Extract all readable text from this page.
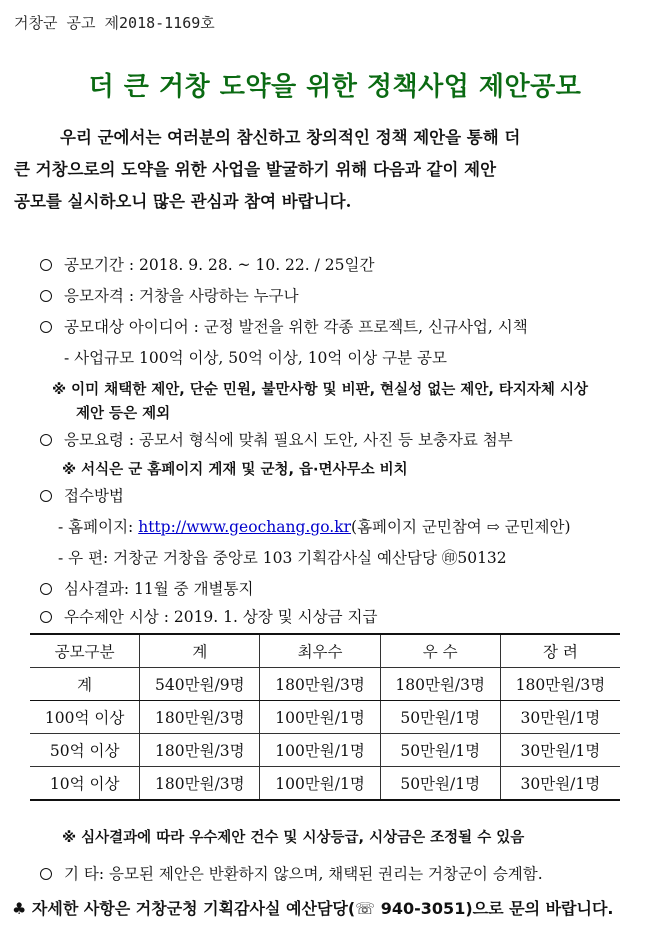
거창군 공고 제2018-1169호
더 큰 거창 도약을 위한 정책사업 제안공모
우리 군에서는 여러분의 참신하고 창의적인 정책 제안을 통해 더
큰 거창으로의 도약을 위한 사업을 발굴하기 위해 다음과 같이 제안
공모를 실시하오니 많은 관심과 참여 바랍니다.
공모기간 : 2018. 9. 28. ~ 10. 22. / 25일간
응모자격 : 거창을 사랑하는 누구나
공모대상 아이디어 : 군정 발전을 위한 각종 프로젝트, 신규사업, 시책
- 사업규모 100억 이상, 50억 이상, 10억 이상 구분 공모
※ 이미 채택한 제안, 단순 민원, 불만사항 및 비판, 현실성 없는 제안, 타지자체 시상
제안 등은 제외
응모요령 : 공모서 형식에 맞춰 필요시 도안, 사진 등 보충자료 첨부
※ 서식은 군 홈페이지 게재 및 군청, 읍·면사무소 비치
접수방법
- 홈페이지: http://www.geochang.go.kr(홈페이지 군민참여 ⇨ 군민제안)
- 우 편: 거창군 거창읍 중앙로 103 기획감사실 예산담당 ㊞50132
심사결과: 11월 중 개별통지
우수제안 시상 : 2019. 1. 상장 및 시상금 지급
공모구분	계	최우수	우 수	장 려
계	540만원/9명	180만원/3명	180만원/3명	180만원/3명
100억 이상	180만원/3명	100만원/1명	50만원/1명	30만원/1명
50억 이상	180만원/3명	100만원/1명	50만원/1명	30만원/1명
10억 이상	180만원/3명	100만원/1명	50만원/1명	30만원/1명
※ 심사결과에 따라 우수제안 건수 및 시상등급, 시상금은 조정될 수 있음
기 타: 응모된 제안은 반환하지 않으며, 채택된 권리는 거창군이 승계함.
♣ 자세한 사항은 거창군청 기획감사실 예산담당(☏ 940-3051)으로 문의 바랍니다.
